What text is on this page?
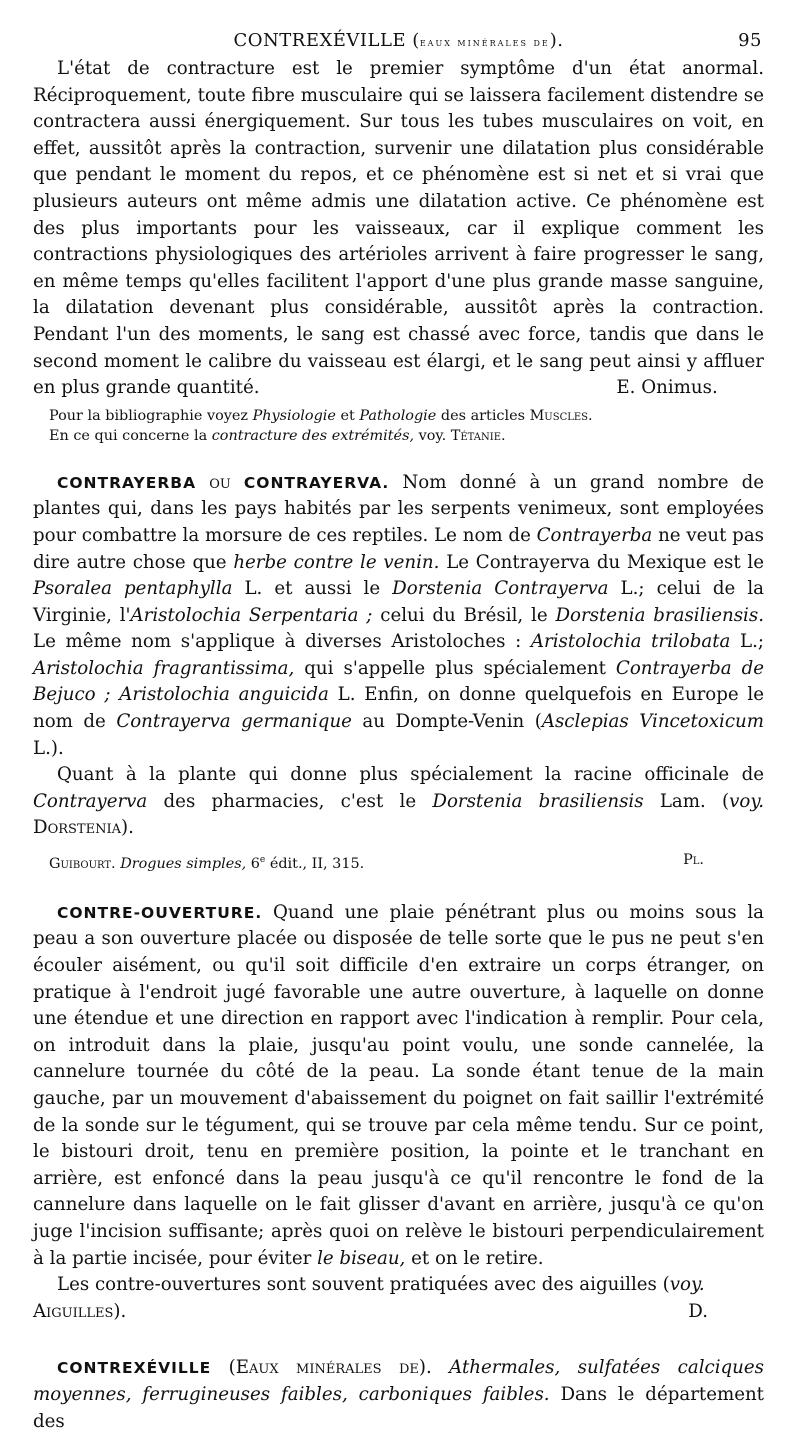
CONTREXÉVILLE (eaux minérales de).	95

L'état de contracture est le premier symptôme d'un état anormal. Réciproquement, toute fibre musculaire qui se laissera facilement distendre se contractera aussi énergiquement. Sur tous les tubes musculaires on voit, en effet, aussitôt après la contraction, survenir une dilatation plus considérable que pendant le moment du repos, et ce phénomène est si net et si vrai que plusieurs auteurs ont même admis une dilatation active. Ce phénomène est des plus importants pour les vaisseaux, car il explique comment les contractions physiologiques des artérioles arrivent à faire progresser le sang, en même temps qu'elles facilitent l'apport d'une plus grande masse sanguine, la dilatation devenant plus considérable, aussitôt après la contraction. Pendant l'un des moments, le sang est chassé avec force, tandis que dans le second moment le calibre du vaisseau est élargi, et le sang peut ainsi y affluer en plus grande quantité.	E. Onimus.

Pour la bibliographie voyez Physiologie et Pathologie des articles Muscles.

En ce qui concerne la contracture des extrémités, voy. Tétanie.

CONTRAYERBA ou CONTRAYERVA. Nom donné à un grand nombre de plantes qui, dans les pays habités par les serpents venimeux, sont employées pour combattre la morsure de ces reptiles. Le nom de Contrayerba ne veut pas dire autre chose que herbe contre le venin. Le Contrayerva du Mexique est le Psoralea pentaphylla L. et aussi le Dorstenia Contrayerva L.; celui de la Virginie, l'Aristolochia Serpentaria ; celui du Brésil, le Dorstenia brasiliensis. Le même nom s'applique à diverses Aristoloches : Aristolochia trilobata L.; Aristolochia fragrantissima, qui s'appelle plus spécialement Contrayerba de Bejuco ; Aristolochia anguicida L. Enfin, on donne quelquefois en Europe le nom de Contrayerva germanique au Dompte-Venin (Asclepias Vincetoxicum L.).

Quant à la plante qui donne plus spécialement la racine officinale de Contrayerva des pharmacies, c'est le Dorstenia brasiliensis Lam. (voy. Dorstenia).

Guibourt. Drogues simples, 6e édit., II, 315.	Pl.

CONTRE-OUVERTURE. Quand une plaie pénétrant plus ou moins sous la peau a son ouverture placée ou disposée de telle sorte que le pus ne peut s'en écouler aisément, ou qu'il soit difficile d'en extraire un corps étranger, on pratique à l'endroit jugé favorable une autre ouverture, à laquelle on donne une étendue et une direction en rapport avec l'indication à remplir. Pour cela, on introduit dans la plaie, jusqu'au point voulu, une sonde cannelée, la cannelure tournée du côté de la peau. La sonde étant tenue de la main gauche, par un mouvement d'abaissement du poignet on fait saillir l'extrémité de la sonde sur le tégument, qui se trouve par cela même tendu. Sur ce point, le bistouri droit, tenu en première position, la pointe et le tranchant en arrière, est enfoncé dans la peau jusqu'à ce qu'il rencontre le fond de la cannelure dans laquelle on le fait glisser d'avant en arrière, jusqu'à ce qu'on juge l'incision suffisante; après quoi on relève le bistouri perpendiculairement à la partie incisée, pour éviter le biseau, et on le retire.

Les contre-ouvertures sont souvent pratiquées avec des aiguilles (voy. Aiguilles).	D.

CONTREXÉVILLE (Eaux minérales de). Athermales, sulfatées calciques moyennes, ferrugineuses faibles, carboniques faibles. Dans le département des
